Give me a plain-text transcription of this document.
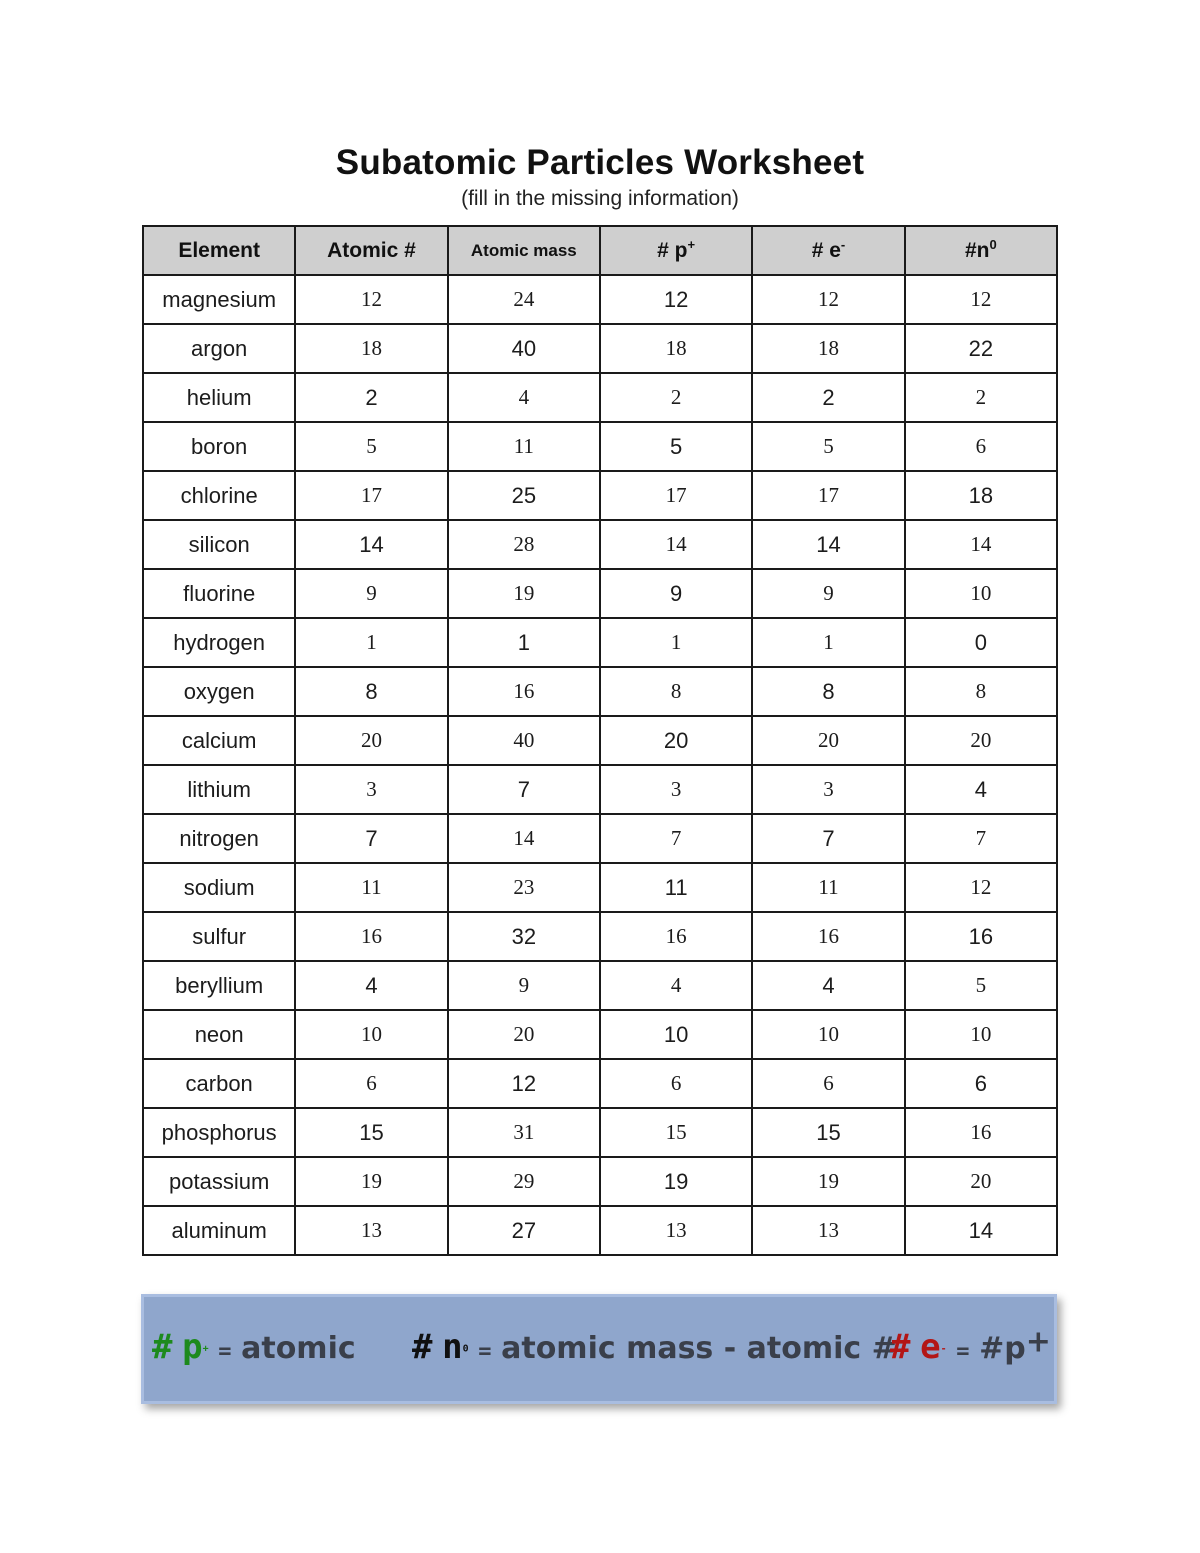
Subatomic Particles Worksheet
(fill in the missing information)
Element	Atomic #	Atomic mass	# p+	# e-	$\#n^0$
magnesium	12	24	12	12	12
argon	18	40	18	18	22
helium	2	4	2	2	2
boron	5	11	5	5	6
chlorine	17	25	17	17	18
silicon	14	28	14	14	14
fluorine	9	19	9	9	10
hydrogen	1	1	1	1	0
oxygen	8	16	8	8	8
calcium	20	40	20	20	20
lithium	3	7	3	3	4
nitrogen	7	14	7	7	7
sodium	11	23	11	11	12
sulfur	16	32	16	16	16
beryllium	4	9	4	4	5
neon	10	20	10	10	10
carbon	6	12	6	6	6
phosphorus	15	31	15	15	16
potassium	19	29	19	19	20
aluminum	13	27	13	13	14
# p+ = atomic # $n^0$ = atomic mass - atomic #
# e- = #p+
